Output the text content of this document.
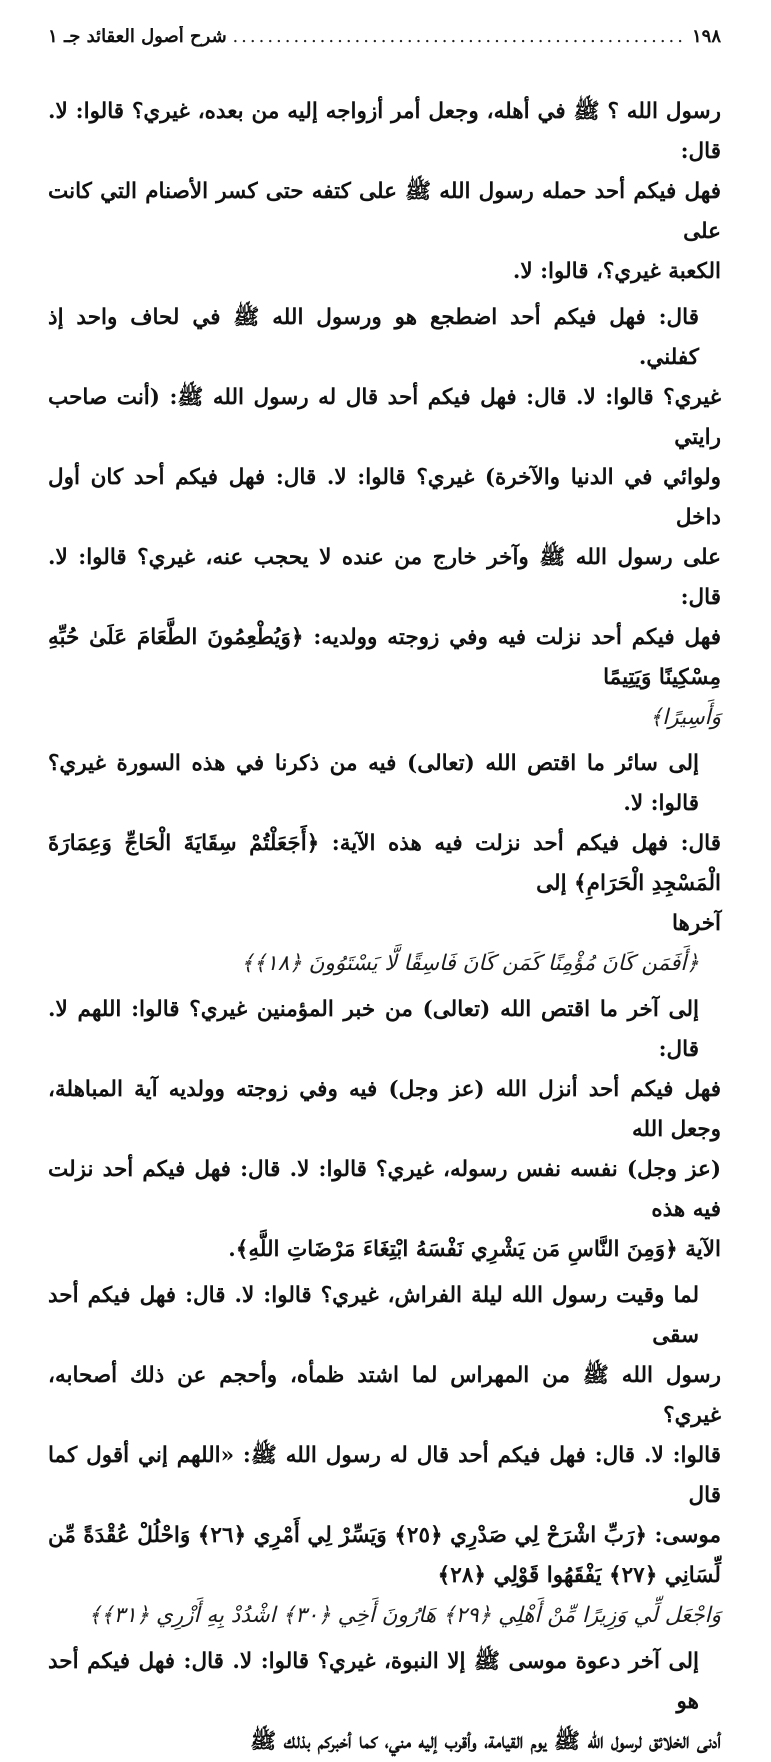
١٩٨
.....
شرح أصول العقائد جـ ١

رسول الله ؟ ﷺ في أهله، وجعل أمر أزواجه إليه من بعده، غيري؟ قالوا: لا. قال:
فهل فيكم أحد حمله رسول الله ﷺ على كتفه حتى كسر الأصنام التي كانت على
الكعبة غيري؟، قالوا: لا.

قال: فهل فيكم أحد اضطجع هو ورسول الله ﷺ في لحاف واحد إذ كفلني.
غيري؟ قالوا: لا. قال: فهل فيكم أحد قال له رسول الله ﷺ: (أنت صاحب رايتي
ولوائي في الدنيا والآخرة) غيري؟ قالوا: لا. قال: فهل فيكم أحد كان أول داخل
على رسول الله ﷺ وآخر خارج من عنده لا يحجب عنه، غيري؟ قالوا: لا. قال:
فهل فيكم أحد نزلت فيه وفي زوجته وولديه: ﴿وَيُطْعِمُونَ الطَّعَامَ عَلَىٰ حُبِّهِ مِسْكِينًا وَيَتِيمًا
وَأَسِيرًا﴾

إلى سائر ما اقتص الله (تعالى) فيه من ذكرنا في هذه السورة غيري؟ قالوا: لا.
قال: فهل فيكم أحد نزلت فيه هذه الآية: ﴿أَجَعَلْتُمْ سِقَايَةَ الْحَاجِّ وَعِمَارَةَ الْمَسْجِدِ الْحَرَامِ﴾ إلى
آخرها
﴿أَفَمَن كَانَ مُؤْمِنًا كَمَن كَانَ فَاسِقًا لَّا يَسْتَوُونَ ﴿١٨﴾﴾

إلى آخر ما اقتص الله (تعالى) من خبر المؤمنين غيري؟ قالوا: اللهم لا. قال:
فهل فيكم أحد أنزل الله (عز وجل) فيه وفي زوجته وولديه آية المباهلة، وجعل الله
(عز وجل) نفسه نفس رسوله، غيري؟ قالوا: لا. قال: فهل فيكم أحد نزلت فيه هذه
الآية ﴿وَمِنَ النَّاسِ مَن يَشْرِي نَفْسَهُ ابْتِغَاءَ مَرْضَاتِ اللَّهِ﴾.

لما وقيت رسول الله ليلة الفراش، غيري؟ قالوا: لا. قال: فهل فيكم أحد سقى
رسول الله ﷺ من المهراس لما اشتد ظمأه، وأحجم عن ذلك أصحابه، غيري؟
قالوا: لا. قال: فهل فيكم أحد قال له رسول الله ﷺ: «اللهم إني أقول كما قال
موسى: ﴿رَبِّ اشْرَحْ لِي صَدْرِي ﴿٢٥﴾ وَيَسِّرْ لِي أَمْرِي ﴿٢٦﴾ وَاحْلُلْ عُقْدَةً مِّن لِّسَانِي ﴿٢٧﴾ يَفْقَهُوا قَوْلِي ﴿٢٨﴾
وَاجْعَل لِّي وَزِيرًا مِّنْ أَهْلِي ﴿٢٩﴾ هَارُونَ أَخِي ﴿٣٠﴾ اشْدُدْ بِهِ أَزْرِي ﴿٣١﴾﴾

إلى آخر دعوة موسى ﷺ إلا النبوة، غيري؟ قالوا: لا. قال: فهل فيكم أحد هو
أدنى الخلائق لرسول الله ﷺ يوم القيامة، وأقرب إليه مني، كما أخبركم بذلك ﷺ
